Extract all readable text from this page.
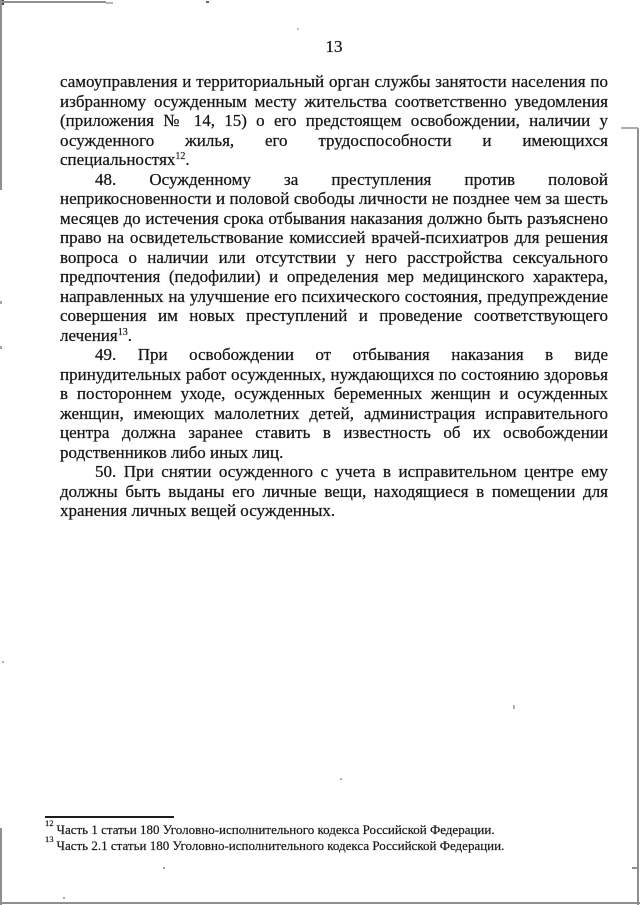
13

самоуправления и территориальный орган службы занятости населения по избранному осужденным месту жительства соответственно уведомления (приложения № 14, 15) о его предстоящем освобождении, наличии у осужденного жилья, его трудоспособности и имеющихся специальностях$^{12}$.

48. Осужденному за преступления против половой неприкосновенности и половой свободы личности не позднее чем за шесть месяцев до истечения срока отбывания наказания должно быть разъяснено право на освидетельствование комиссией врачей-психиатров для решения вопроса о наличии или отсутствии у него расстройства сексуального предпочтения (педофилии) и определения мер медицинского характера, направленных на улучшение его психического состояния, предупреждение совершения им новых преступлений и проведение соответствующего лечения$^{13}$.

49. При освобождении от отбывания наказания в виде принудительных работ осужденных, нуждающихся по состоянию здоровья в постороннем уходе, осужденных беременных женщин и осужденных женщин, имеющих малолетних детей, администрация исправительного центра должна заранее ставить в известность об их освобождении родственников либо иных лиц.

50. При снятии осужденного с учета в исправительном центре ему должны быть выданы его личные вещи, находящиеся в помещении для хранения личных вещей осужденных.

$^{12}$ Часть 1 статьи 180 Уголовно-исполнительного кодекса Российской Федерации.
$^{13}$ Часть 2.1 статьи 180 Уголовно-исполнительного кодекса Российской Федерации.
